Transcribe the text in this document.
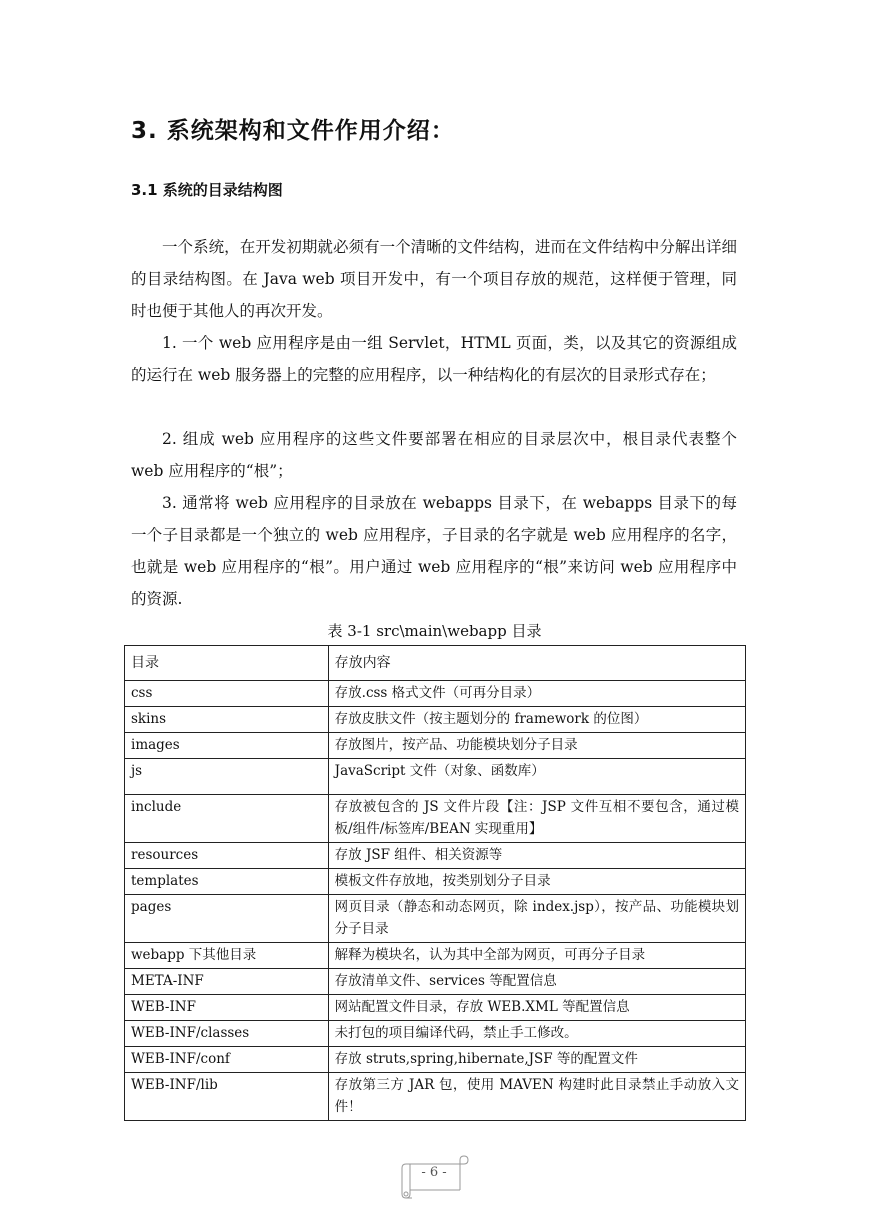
3. 系统架构和文件作用介绍：
3.1 系统的目录结构图

一个系统，在开发初期就必须有一个清晰的文件结构，进而在文件结构中分解出详细的目录结构图。在 Java web 项目开发中，有一个项目存放的规范，这样便于管理，同时也便于其他人的再次开发。

1. 一个 web 应用程序是由一组 Servlet，HTML 页面，类，以及其它的资源组成的运行在 web 服务器上的完整的应用程序，以一种结构化的有层次的目录形式存在；

2. 组成 web 应用程序的这些文件要部署在相应的目录层次中，根目录代表整个 web 应用程序的“根”；

3. 通常将 web 应用程序的目录放在 webapps 目录下，在 webapps 目录下的每一个子目录都是一个独立的 web 应用程序，子目录的名字就是 web 应用程序的名字，也就是 web 应用程序的“根”。用户通过 web 应用程序的“根”来访问 web 应用程序中的资源.

表 3-1 src\main\webapp 目录
目录	存放内容
css	存放.css 格式文件（可再分目录）
skins	存放皮肤文件（按主题划分的 framework 的位图）
images	存放图片，按产品、功能模块划分子目录
js	JavaScript 文件（对象、函数库）
include	存放被包含的 JS 文件片段【注：JSP 文件互相不要包含，通过模板/组件/标签库/BEAN 实现重用】
resources	存放 JSF 组件、相关资源等
templates	模板文件存放地，按类别划分子目录
pages	网页目录（静态和动态网页，除 index.jsp），按产品、功能模块划分子目录
webapp 下其他目录	解释为模块名，认为其中全部为网页，可再分子目录
META-INF	存放清单文件、services 等配置信息
WEB-INF	网站配置文件目录，存放 WEB.XML 等配置信息
WEB-INF/classes	未打包的项目编译代码，禁止手工修改。
WEB-INF/conf	存放 struts,spring,hibernate,JSF 等的配置文件
WEB-INF/lib	存放第三方 JAR 包，使用 MAVEN 构建时此目录禁止手动放入文件！
- 6 -
